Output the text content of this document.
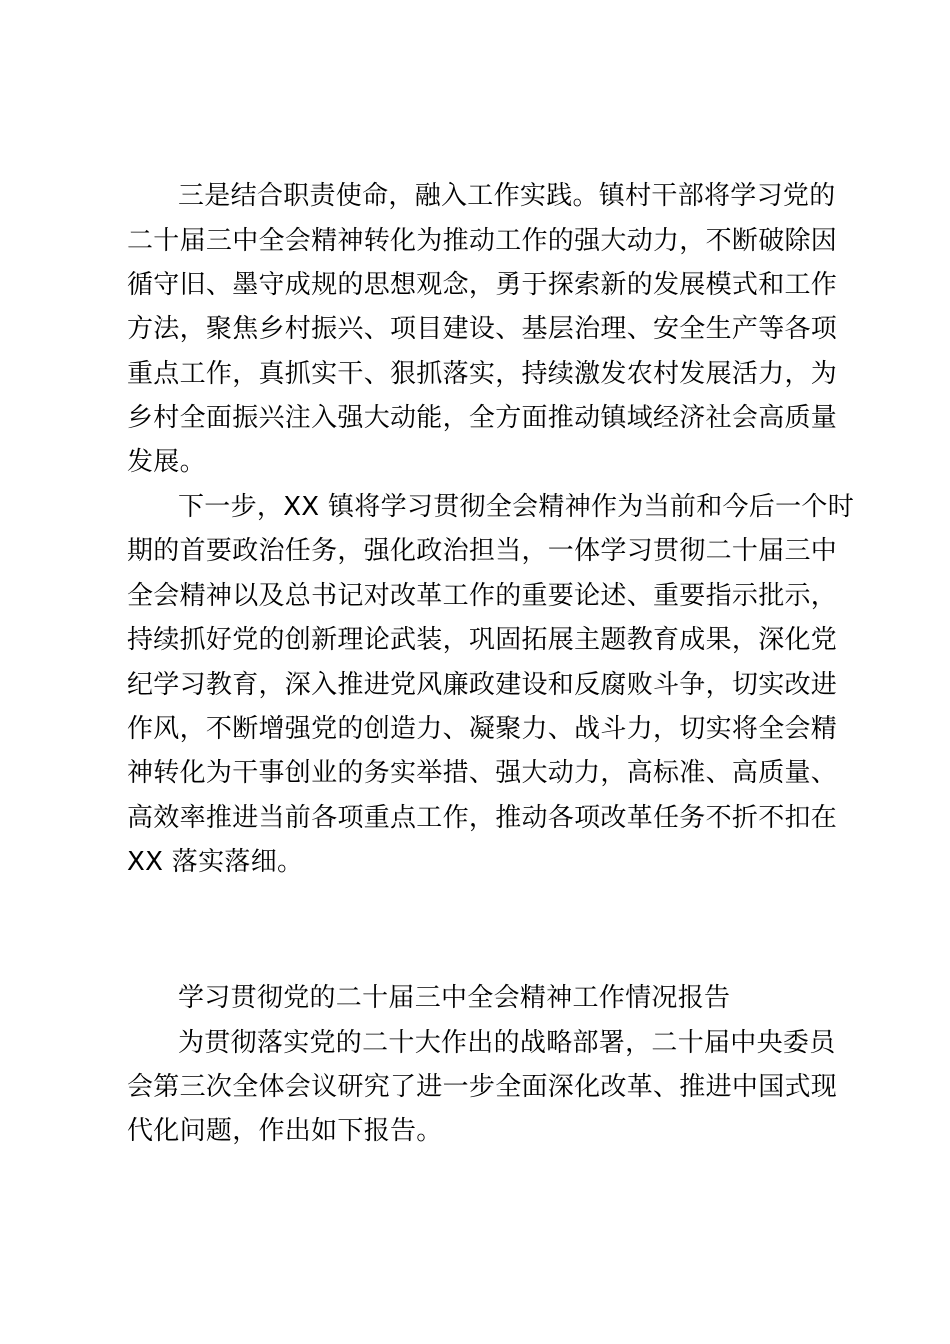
三是结合职责使命，融入工作实践。镇村干部将学习党的

二十届三中全会精神转化为推动工作的强大动力，不断破除因

循守旧、墨守成规的思想观念，勇于探索新的发展模式和工作

方法，聚焦乡村振兴、项目建设、基层治理、安全生产等各项

重点工作，真抓实干、狠抓落实，持续激发农村发展活力，为

乡村全面振兴注入强大动能，全方面推动镇域经济社会高质量

发展。

下一步，XX 镇将学习贯彻全会精神作为当前和今后一个时

期的首要政治任务，强化政治担当，一体学习贯彻二十届三中

全会精神以及总书记对改革工作的重要论述、重要指示批示，

持续抓好党的创新理论武装，巩固拓展主题教育成果，深化党

纪学习教育，深入推进党风廉政建设和反腐败斗争，切实改进

作风，不断增强党的创造力、凝聚力、战斗力，切实将全会精

神转化为干事创业的务实举措、强大动力，高标准、高质量、

高效率推进当前各项重点工作，推动各项改革任务不折不扣在

XX 落实落细。

学习贯彻党的二十届三中全会精神工作情况报告

为贯彻落实党的二十大作出的战略部署，二十届中央委员

会第三次全体会议研究了进一步全面深化改革、推进中国式现

代化问题，作出如下报告。
